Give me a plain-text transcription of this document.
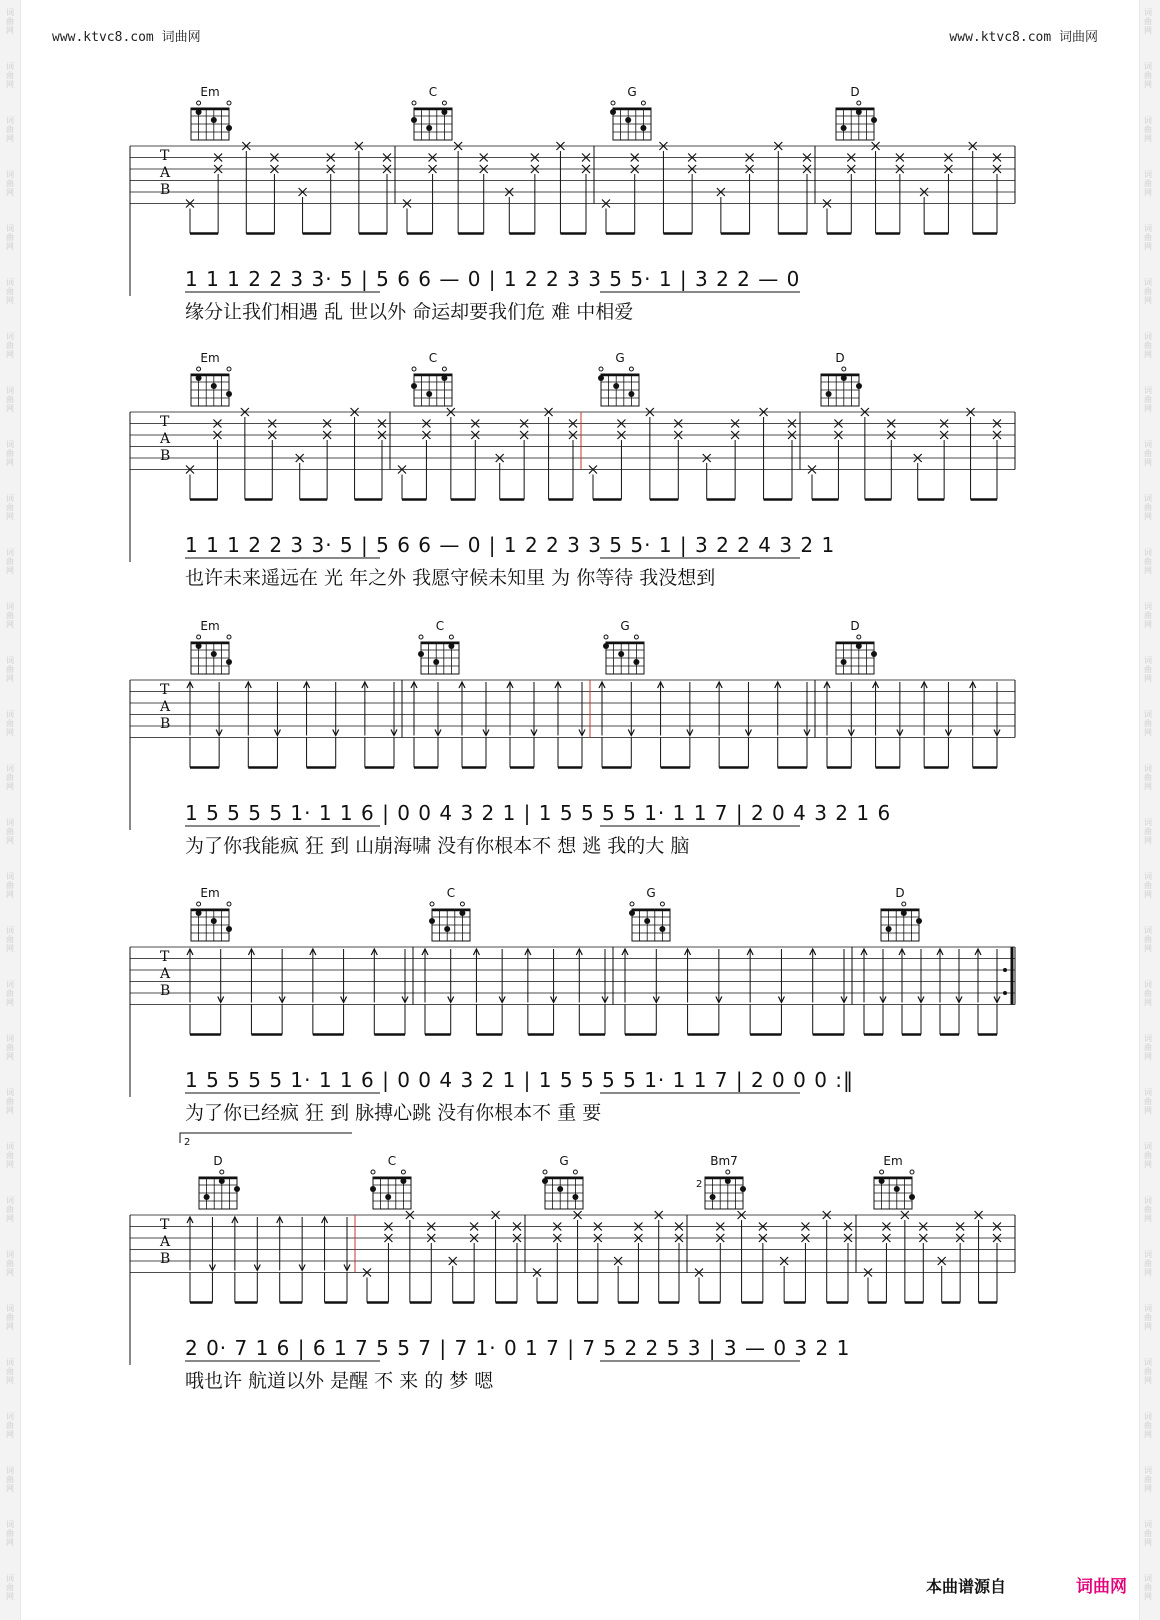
www.ktvc8.com 词曲网	www.ktvc8.com 词曲网
Em	C	G	D
T
A
B
1 1 1 2 2 3 3· 5 | 5 6 6 — 0 | 1 2 2 3 3 5 5· 1 | 3 2 2 — 0
缘分让我们相遇 乱 世以外 命运却要我们危 难 中相爱
Em	C	G	D
T
A
B
1 1 1 2 2 3 3· 5 | 5 6 6 — 0 | 1 2 2 3 3 5 5· 1 | 3 2 2 4 3 2 1
也许未来遥远在 光 年之外 我愿守候未知里 为 你等待 我没想到
Em	C	G	D
T
A
B
1 5 5 5 5 1· 1 1 6 | 0 0 4 3 2 1 | 1 5 5 5 5 1· 1 1 7 | 2 0 4 3 2 1 6
为了你我能疯 狂 到 山崩海啸 没有你根本不 想 逃 我的大 脑
Em	C	G	D
T
A
B
1 5 5 5 5 1· 1 1 6 | 0 0 4 3 2 1 | 1 5 5 5 5 1· 1 1 7 | 2 0 0 0 :‖
为了你已经疯 狂 到 脉搏心跳 没有你根本不 重 要
2
D	C	G	Bm7
2
Em
T
A
B
2 0· 7 1 6 | 6 1 7 5 5 7 | 7 1· 0 1 7 | 7 5 2 2 5 3 | 3 — 0 3 2 1
哦也许 航道以外 是醒 不 来 的 梦 嗯
本曲谱源自	词曲网
词
曲
网
词
曲
网
词
曲
网
词
曲
网
词
曲
网
词
曲
网
词
曲
网
词
曲
网
词
曲
网
词
曲
网
词
曲
网
词
曲
网
词
曲
网
词
曲
网
词
曲
网
词
曲
网
词
曲
网
词
曲
网
词
曲
网
词
曲
网
词
曲
网
词
曲
网
词
曲
网
词
曲
网
词
曲
网
词
曲
网
词
曲
网
词
曲
网
词
曲
网
词
曲
网
词
曲
网
词
曲
网
词
曲
网
词
曲
网
词
曲
网
词
曲
网
词
曲
网
词
曲
网
词
曲
网
词
曲
网
词
曲
网
词
曲
网
词
曲
网
词
曲
网
词
曲
网
词
曲
网
词
曲
网
词
曲
网
词
曲
网
词
曲
网
词
曲
网
词
曲
网
词
曲
网
词
曲
网
词
曲
网
词
曲
网
词
曲
网
词
曲
网
词
曲
网
词
曲
网
